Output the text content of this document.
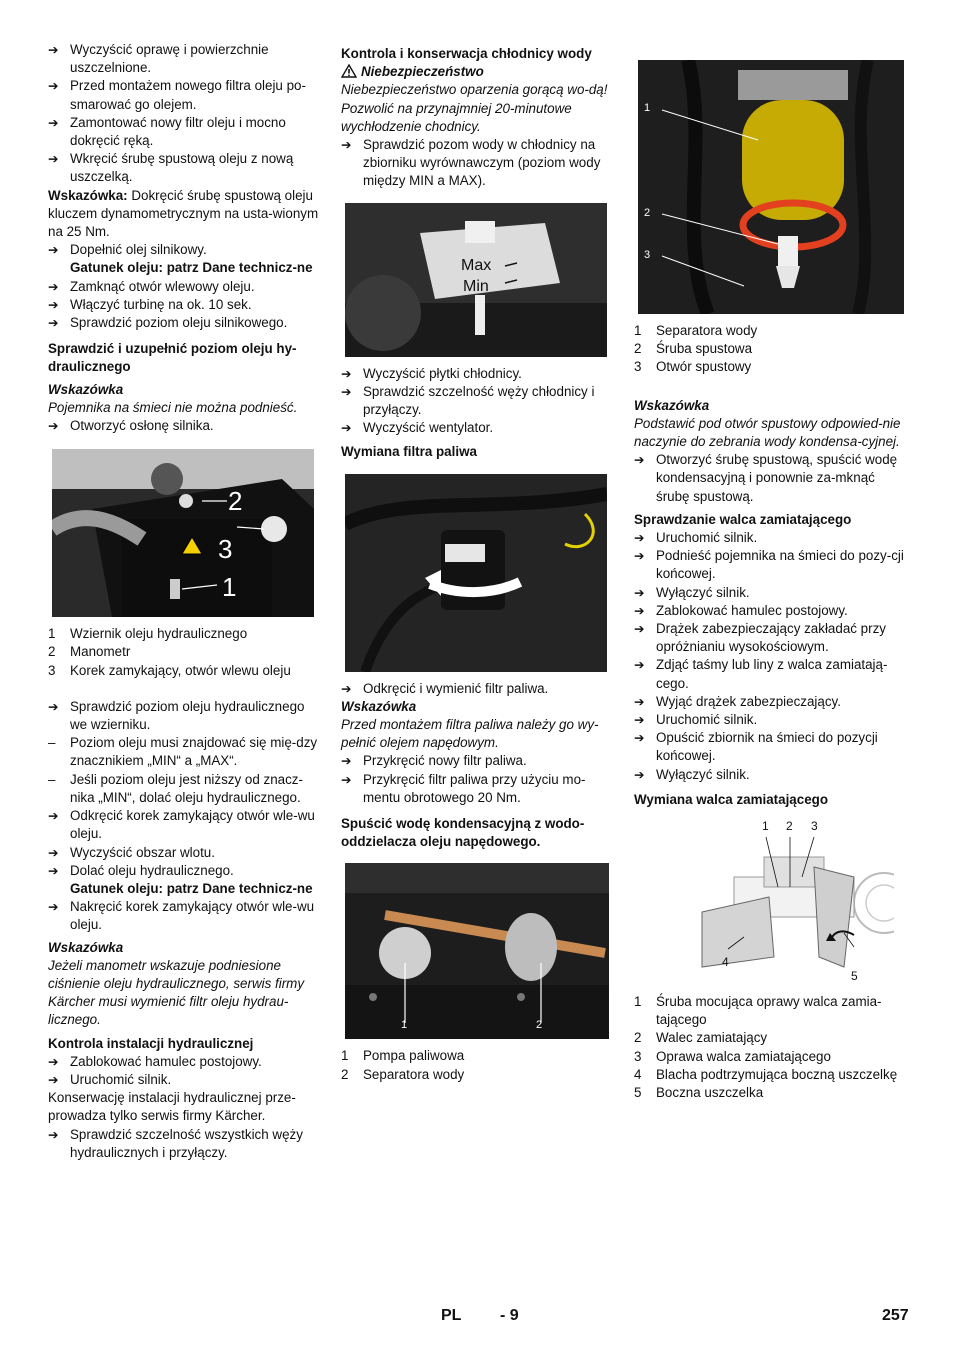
➔ Wyczyścić oprawę i powierzchnie uszczelnione.
➔ Przed montażem nowego filtra oleju po-smarować go olejem.
➔ Zamontować nowy filtr oleju i mocno dokręcić ręką.
➔ Wkręcić śrubę spustową oleju z nową uszczelką.
Wskazówka: Dokręcić śrubę spustową oleju kluczem dynamometrycznym na usta-wionym na 25 Nm.
➔ Dopełnić olej silnikowy.
Gatunek oleju: patrz Dane technicz-ne
➔ Zamknąć otwór wlewowy oleju.
➔ Włączyć turbinę na ok. 10 sek.
➔ Sprawdzić poziom oleju silnikowego.
Sprawdzić i uzupełnić poziom oleju hy-draulicznego
Wskazówka
Pojemnika na śmieci nie można podnieść.
➔ Otworzyć osłonę silnika.
2
3
1
1 Wziernik oleju hydraulicznego
2 Manometr
3 Korek zamykający, otwór wlewu oleju
➔ Sprawdzić poziom oleju hydraulicznego we wzierniku.
– Poziom oleju musi znajdować się mię-dzy znacznikiem „MIN“ a „MAX“.
– Jeśli poziom oleju jest niższy od znacz-nika „MIN“, dolać oleju hydraulicznego.
➔ Odkręcić korek zamykający otwór wle-wu oleju.
➔ Wyczyścić obszar wlotu.
➔ Dolać oleju hydraulicznego.
Gatunek oleju: patrz Dane technicz-ne
➔ Nakręcić korek zamykający otwór wle-wu oleju.
Wskazówka
Jeżeli manometr wskazuje podniesione ciśnienie oleju hydraulicznego, serwis firmy Kärcher musi wymienić filtr oleju hydrau-licznego.
Kontrola instalacji hydraulicznej
➔ Zablokować hamulec postojowy.
➔ Uruchomić silnik.
Konserwację instalacji hydraulicznej prze-prowadza tylko serwis firmy Kärcher.
➔ Sprawdzić szczelność wszystkich węży hydraulicznych i przyłączy.
Kontrola i konserwacja chłodnicy wody
Niebezpieczeństwo
Niebezpieczeństwo oparzenia gorącą wo-dą! Pozwolić na przynajmniej 20-minutowe wychłodzenie chodnicy.
➔ Sprawdzić pozom wody w chłodnicy na zbiorniku wyrównawczym (poziom wody między MIN a MAX).
Max
Min
➔ Wyczyścić płytki chłodnicy.
➔ Sprawdzić szczelność węży chłodnicy i przyłączy.
➔ Wyczyścić wentylator.
Wymiana filtra paliwa
➔ Odkręcić i wymienić filtr paliwa.
Wskazówka
Przed montażem filtra paliwa należy go wy-pełnić olejem napędowym.
➔ Przykręcić nowy filtr paliwa.
➔ Przykręcić filtr paliwa przy użyciu mo-mentu obrotowego 20 Nm.
Spuścić wodę kondensacyjną z wodo-oddzielacza oleju napędowego.
1	2
1 Pompa paliwowa
2 Separatora wody
1
2
3
1 Separatora wody
2 Śruba spustowa
3 Otwór spustowy
Wskazówka
Podstawić pod otwór spustowy odpowied-nie naczynie do zebrania wody kondensa-cyjnej.
➔ Otworzyć śrubę spustową, spuścić wodę kondensacyjną i ponownie za-mknąć śrubę spustową.
Sprawdzanie walca zamiatającego
➔ Uruchomić silnik.
➔ Podnieść pojemnika na śmieci do pozy-cji końcowej.
➔ Wyłączyć silnik.
➔ Zablokować hamulec postojowy.
➔ Drążek zabezpieczający zakładać przy opróżnianiu wysokościowym.
➔ Zdjąć taśmy lub liny z walca zamiatają-cego.
➔ Wyjąć drążek zabezpieczający.
➔ Uruchomić silnik.
➔ Opuścić zbiornik na śmieci do pozycji końcowej.
➔ Wyłączyć silnik.
Wymiana walca zamiatającego
1 2 3
4
5
1 Śruba mocująca oprawy walca zamia-tającego
2 Walec zamiatający
3 Oprawa walca zamiatającego
4 Blacha podtrzymująca boczną uszczelkę
5 Boczna uszczelka
PL - 9	257
